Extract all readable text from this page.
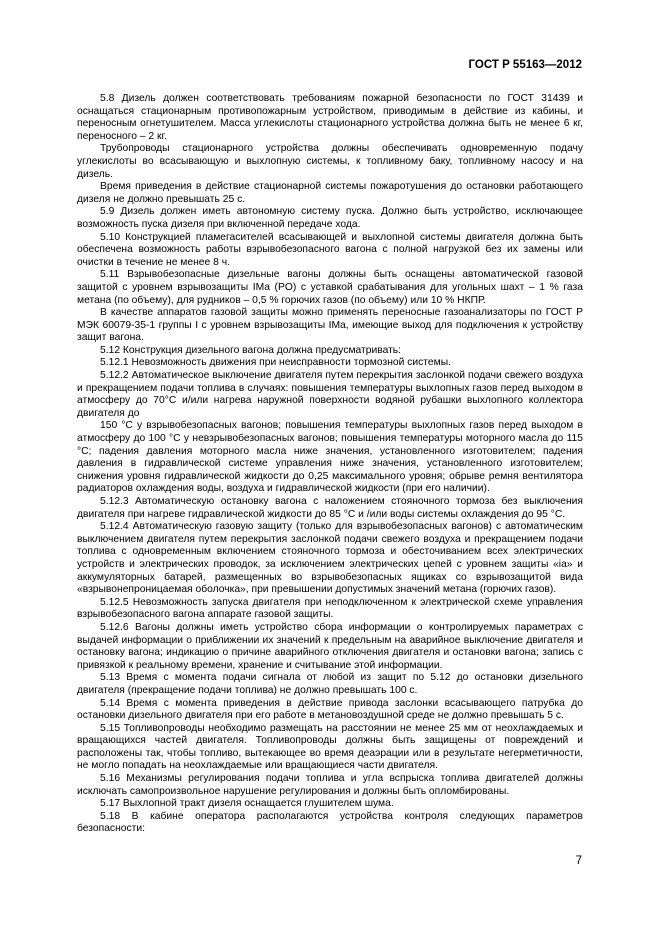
ГОСТ Р 55163—2012

5.8 Дизель должен соответствовать требованиям пожарной безопасности по ГОСТ 31439 и оснащаться стационарным противопожарным устройством, приводимым в действие из кабины, и переносным огнетушителем. Масса углекислоты стационарного устройства должна быть не менее 6 кг, переносного – 2 кг.

Трубопроводы стационарного устройства должны обеспечивать одновременную подачу углекислоты во всасывающую и выхлопную системы, к топливному баку, топливному насосу и на дизель.

Время приведения в действие стационарной системы пожаротушения до остановки работающего дизеля не должно превышать 25 с.

5.9 Дизель должен иметь автономную систему пуска. Должно быть устройство, исключающее возможность пуска дизеля при включенной передаче хода.

5.10 Конструкцией пламегасителей всасывающей и выхлопной системы двигателя должна быть обеспечена возможность работы взрывобезопасного вагона с полной нагрузкой без их замены или очистки в течение не менее 8 ч.

5.11 Взрывобезопасные дизельные вагоны должны быть оснащены автоматической газовой защитой с уровнем взрывозащиты IMa (PO) с уставкой срабатывания для угольных шахт – 1 % газа метана (по объему), для рудников – 0,5 % горючих газов (по объему) или 10 % НКПР.

В качестве аппаратов газовой защиты можно применять переносные газоанализаторы по ГОСТ Р МЭК 60079-35-1 группы I с уровнем взрывозащиты IMa, имеющие выход для подключения к устройству защит вагона.

5.12 Конструкция дизельного вагона должна предусматривать:

5.12.1 Невозможность движения при неисправности тормозной системы.

5.12.2 Автоматическое выключение двигателя путем перекрытия заслонкой подачи свежего воздуха и прекращением подачи топлива в случаях: повышения температуры выхлопных газов перед выходом в атмосферу до 70°С и/или нагрева наружной поверхности водяной рубашки выхлопного коллектора двигателя до

150 °С у взрывобезопасных вагонов; повышения температуры выхлопных газов перед выходом в атмосферу до 100 °С у невзрывобезопасных вагонов; повышения температуры моторного масла до 115 °С; падения давления моторного масла ниже значения, установленного изготовителем; падения давления в гидравлической системе управления ниже значения, установленного изготовителем; снижения уровня гидравлической жидкости до 0,25 максимального уровня; обрыве ремня вентилятора радиаторов охлаждения воды, воздуха и гидравлической жидкости (при его наличии).

5.12.3 Автоматическую остановку вагона с наложением стояночного тормоза без выключения двигателя при нагреве гидравлической жидкости до 85 °С и /или воды системы охлаждения до 95 °С.

5.12.4 Автоматическую газовую защиту (только для взрывобезопасных вагонов) с автоматическим выключением двигателя путем перекрытия заслонкой подачи свежего воздуха и прекращением подачи топлива с одновременным включением стояночного тормоза и обесточиванием всех электрических устройств и электрических проводок, за исключением электрических цепей с уровнем защиты «ia» и аккумуляторных батарей, размещенных во взрывобезопасных ящиках со взрывозащитой вида «взрывонепроницаемая оболочка», при превышении допустимых значений метана (горючих газов).

5.12.5 Невозможность запуска двигателя при неподключенном к электрической схеме управления взрывобезопасного вагона аппарате газовой защиты.

5.12.6 Вагоны должны иметь устройство сбора информации о контролируемых параметрах с выдачей информации о приближении их значений к предельным на аварийное выключение двигателя и остановку вагона; индикацию о причине аварийного отключения двигателя и остановки вагона; запись с привязкой к реальному времени, хранение и считывание этой информации.

5.13 Время с момента подачи сигнала от любой из защит по 5.12 до остановки дизельного двигателя (прекращение подачи топлива) не должно превышать 100 с.

5.14 Время с момента приведения в действие привода заслонки всасывающего патрубка до остановки дизельного двигателя при его работе в метановоздушной среде не должно превышать 5 с.

5.15 Топливопроводы необходимо размещать на расстоянии не менее 25 мм от неохлаждаемых и вращающихся частей двигателя. Топливопроводы должны быть защищены от повреждений и расположены так, чтобы топливо, вытекающее во время деаэрации или в результате негерметичности, не могло попадать на неохлаждаемые или вращающиеся части двигателя.

5.16 Механизмы регулирования подачи топлива и угла вспрыска топлива двигателей должны исключать самопроизвольное нарушение регулирования и должны быть опломбированы.

5.17 Выхлопной тракт дизеля оснащается глушителем шума.

5.18 В кабине оператора располагаются устройства контроля следующих параметров безопасности:

7
